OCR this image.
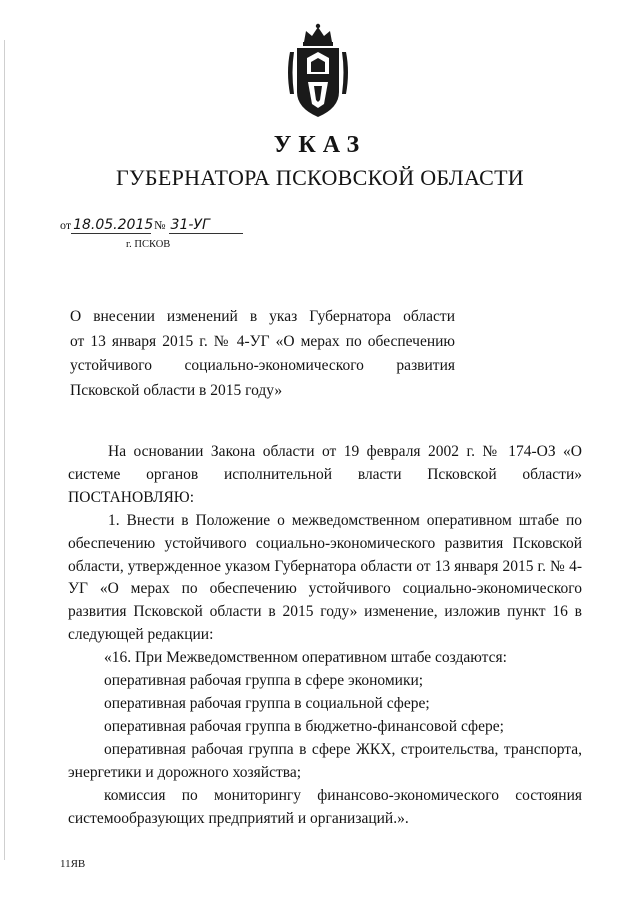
УКАЗ
ГУБЕРНАТОРА ПСКОВСКОЙ ОБЛАСТИ
от 18.05.2015 № 31-УГ
г. ПСКОВ

О внесении изменений в указ Губернатора области

от 13 января 2015 г. № 4-УГ «О мерах по обеспечению

устойчивого социально-экономического развития

Псковской области в 2015 году»

На основании Закона области от 19 февраля 2002 г. № 174-ОЗ «О системе органов исполнительной власти Псковской области» ПОСТАНОВЛЯЮ:

1. Внести в Положение о межведомственном оперативном штабе по обеспечению устойчивого социально-экономического развития Псковской области, утвержденное указом Губернатора области от 13 января 2015 г. № 4-УГ «О мерах по обеспечению устойчивого социально-экономического развития Псковской области в 2015 году» изменение, изложив пункт 16 в следующей редакции:

«16. При Межведомственном оперативном штабе создаются:

оперативная рабочая группа в сфере экономики;

оперативная рабочая группа в социальной сфере;

оперативная рабочая группа в бюджетно-финансовой сфере;

оперативная рабочая группа в сфере ЖКХ, строительства, транспорта, энергетики и дорожного хозяйства;

комиссия по мониторингу финансово-экономического состояния системообразующих предприятий и организаций.».

11ЯВ
